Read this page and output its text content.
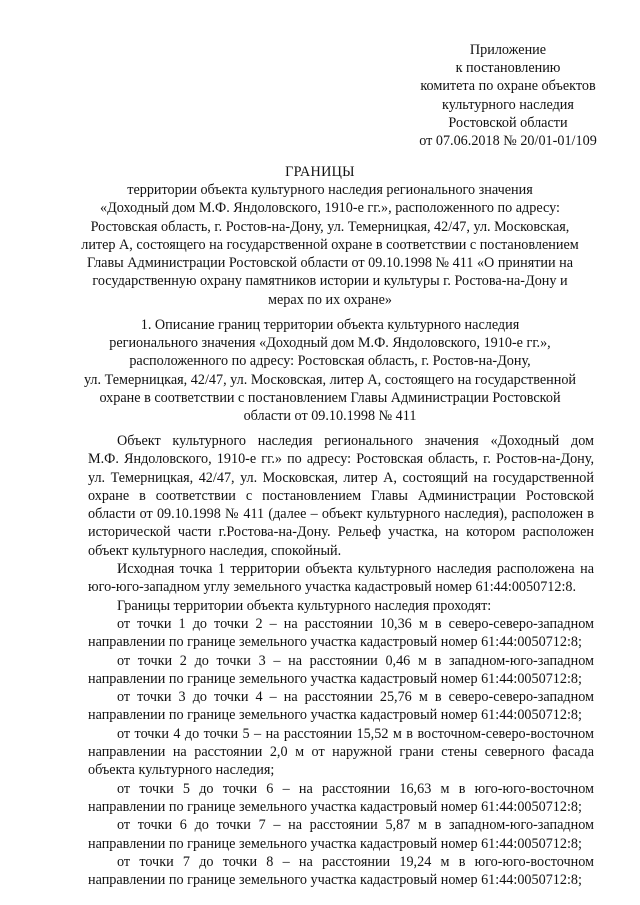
Приложение
к постановлению
комитета по охране объектов
культурного наследия
Ростовской области
от 07.06.2018 № 20/01-01/109
ГРАНИЦЫ
территории объекта культурного наследия регионального значения
«Доходный дом М.Ф. Яндоловского, 1910-е гг.», расположенного по адресу:
Ростовская область, г. Ростов-на-Дону, ул. Темерницкая, 42/47, ул. Московская,
литер А, состоящего на государственной охране в соответствии с постановлением
Главы Администрации Ростовской области от 09.10.1998 № 411 «О принятии на
государственную охрану памятников истории и культуры г. Ростова-на-Дону и
мерах по их охране»
1. Описание границ территории объекта культурного наследия
регионального значения «Доходный дом М.Ф. Яндоловского, 1910-е гг.»,
расположенного по адресу: Ростовская область, г. Ростов-на-Дону,
ул. Темерницкая, 42/47, ул. Московская, литер А, состоящего на государственной
охране в соответствии с постановлением Главы Администрации Ростовской
области от 09.10.1998 № 411
Объект культурного наследия регионального значения «Доходный дом
М.Ф. Яндоловского, 1910-е гг.» по адресу: Ростовская область, г. Ростов-на-Дону,
ул. Темерницкая, 42/47, ул. Московская, литер А, состоящий на государственной
охране в соответствии с постановлением Главы Администрации Ростовской
области от 09.10.1998 № 411 (далее – объект культурного наследия), расположен в
исторической части г.Ростова-на-Дону. Рельеф участка, на котором расположен
объект культурного наследия, спокойный.
Исходная точка 1 территории объекта культурного наследия расположена на
юго-юго-западном углу земельного участка кадастровый номер 61:44:0050712:8.
Границы территории объекта культурного наследия проходят:
от точки 1 до точки 2 – на расстоянии 10,36 м в северо-северо-западном
направлении по границе земельного участка кадастровый номер 61:44:0050712:8;
от точки 2 до точки 3 – на расстоянии 0,46 м в западном-юго-западном
направлении по границе земельного участка кадастровый номер 61:44:0050712:8;
от точки 3 до точки 4 – на расстоянии 25,76 м в северо-северо-западном
направлении по границе земельного участка кадастровый номер 61:44:0050712:8;
от точки 4 до точки 5 – на расстоянии 15,52 м в восточном-северо-восточном
направлении на расстоянии 2,0 м от наружной грани стены северного фасада
объекта культурного наследия;
от точки 5 до точки 6 – на расстоянии 16,63 м в юго-юго-восточном
направлении по границе земельного участка кадастровый номер 61:44:0050712:8;
от точки 6 до точки 7 – на расстоянии 5,87 м в западном-юго-западном
направлении по границе земельного участка кадастровый номер 61:44:0050712:8;
от точки 7 до точки 8 – на расстоянии 19,24 м в юго-юго-восточном
направлении по границе земельного участка кадастровый номер 61:44:0050712:8;
